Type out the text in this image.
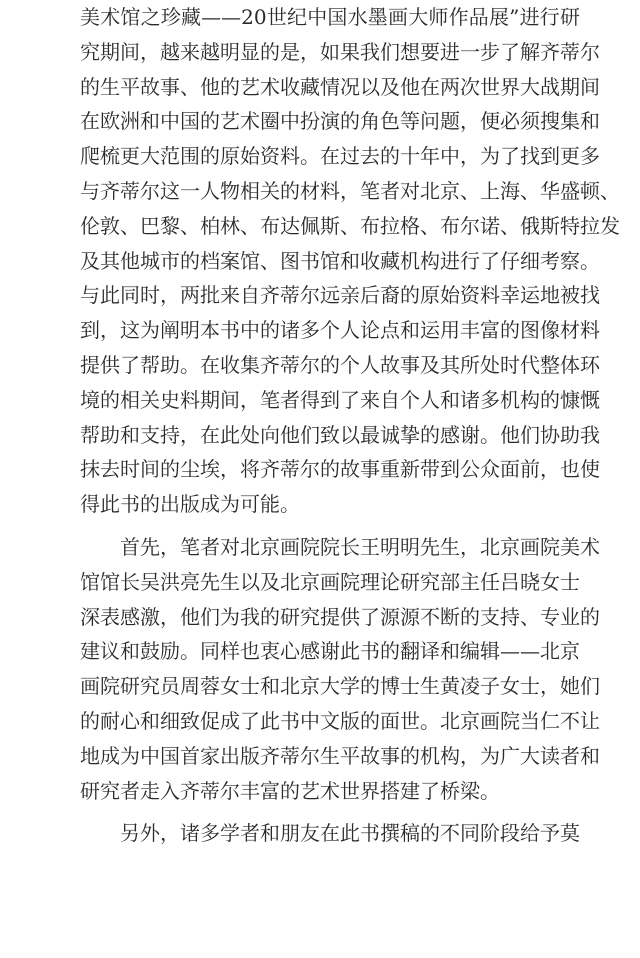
美术馆之珍藏——20世纪中国水墨画大师作品展”进行研
究期间，越来越明显的是，如果我们想要进一步了解齐蒂尔
的生平故事、他的艺术收藏情况以及他在两次世界大战期间
在欧洲和中国的艺术圈中扮演的角色等问题，便必须搜集和
爬梳更大范围的原始资料。在过去的十年中，为了找到更多
与齐蒂尔这一人物相关的材料，笔者对北京、上海、华盛顿、
伦敦、巴黎、柏林、布达佩斯、布拉格、布尔诺、俄斯特拉发
及其他城市的档案馆、图书馆和收藏机构进行了仔细考察。
与此同时，两批来自齐蒂尔远亲后裔的原始资料幸运地被找
到，这为阐明本书中的诸多个人论点和运用丰富的图像材料
提供了帮助。在收集齐蒂尔的个人故事及其所处时代整体环
境的相关史料期间，笔者得到了来自个人和诸多机构的慷慨
帮助和支持，在此处向他们致以最诚挚的感谢。他们协助我
抹去时间的尘埃，将齐蒂尔的故事重新带到公众面前，也使
得此书的出版成为可能。
　　首先，笔者对北京画院院长王明明先生，北京画院美术
馆馆长吴洪亮先生以及北京画院理论研究部主任吕晓女士
深表感激，他们为我的研究提供了源源不断的支持、专业的
建议和鼓励。同样也衷心感谢此书的翻译和编辑——北京
画院研究员周蓉女士和北京大学的博士生黄凌子女士，她们
的耐心和细致促成了此书中文版的面世。北京画院当仁不让
地成为中国首家出版齐蒂尔生平故事的机构，为广大读者和
研究者走入齐蒂尔丰富的艺术世界搭建了桥梁。
　　另外，诸多学者和朋友在此书撰稿的不同阶段给予莫
